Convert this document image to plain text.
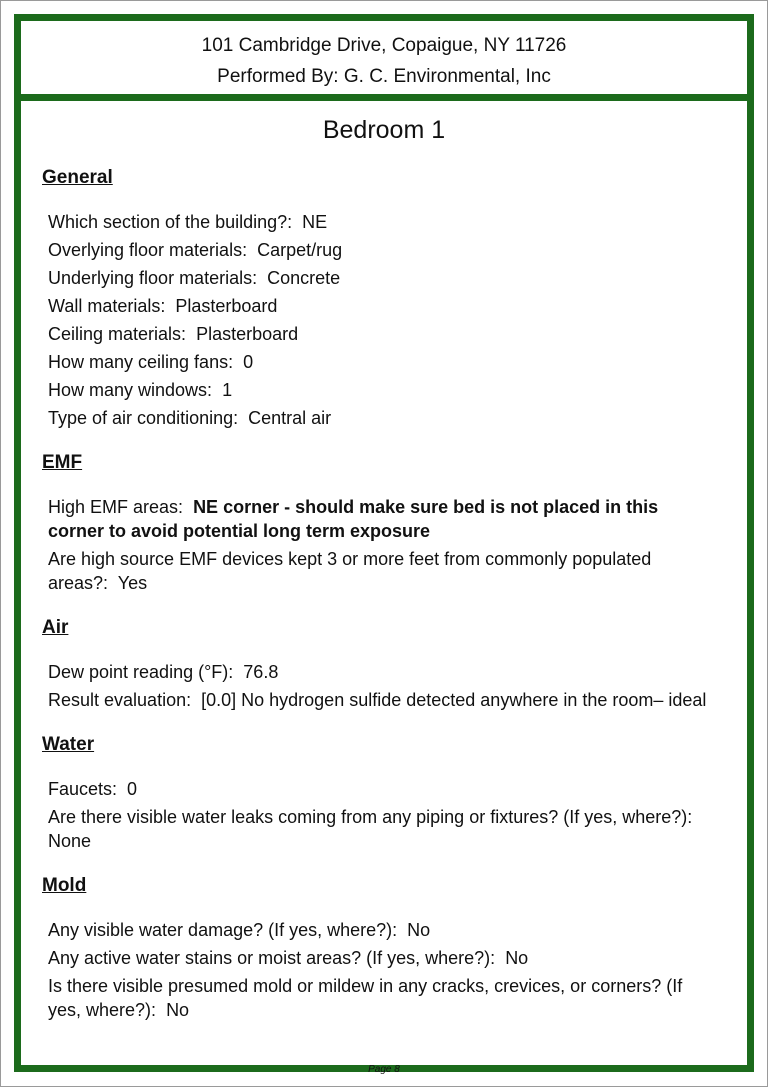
101 Cambridge Drive, Copaigue, NY 11726
Performed By: G. C. Environmental, Inc
Bedroom 1
General
Which section of the building?: NE
Overlying floor materials: Carpet/rug
Underlying floor materials: Concrete
Wall materials: Plasterboard
Ceiling materials: Plasterboard
How many ceiling fans: 0
How many windows: 1
Type of air conditioning: Central air
EMF
High EMF areas: NE corner - should make sure bed is not placed in this corner to avoid potential long term exposure
Are high source EMF devices kept 3 or more feet from commonly populated areas?: Yes
Air
Dew point reading (°F): 76.8
Result evaluation: [0.0] No hydrogen sulfide detected anywhere in the room– ideal
Water
Faucets: 0
Are there visible water leaks coming from any piping or fixtures? (If yes, where?):  None
Mold
Any visible water damage? (If yes, where?): No
Any active water stains or moist areas? (If yes, where?): No
Is there visible presumed mold or mildew in any cracks, crevices, or corners? (If yes, where?): No
Page 8
